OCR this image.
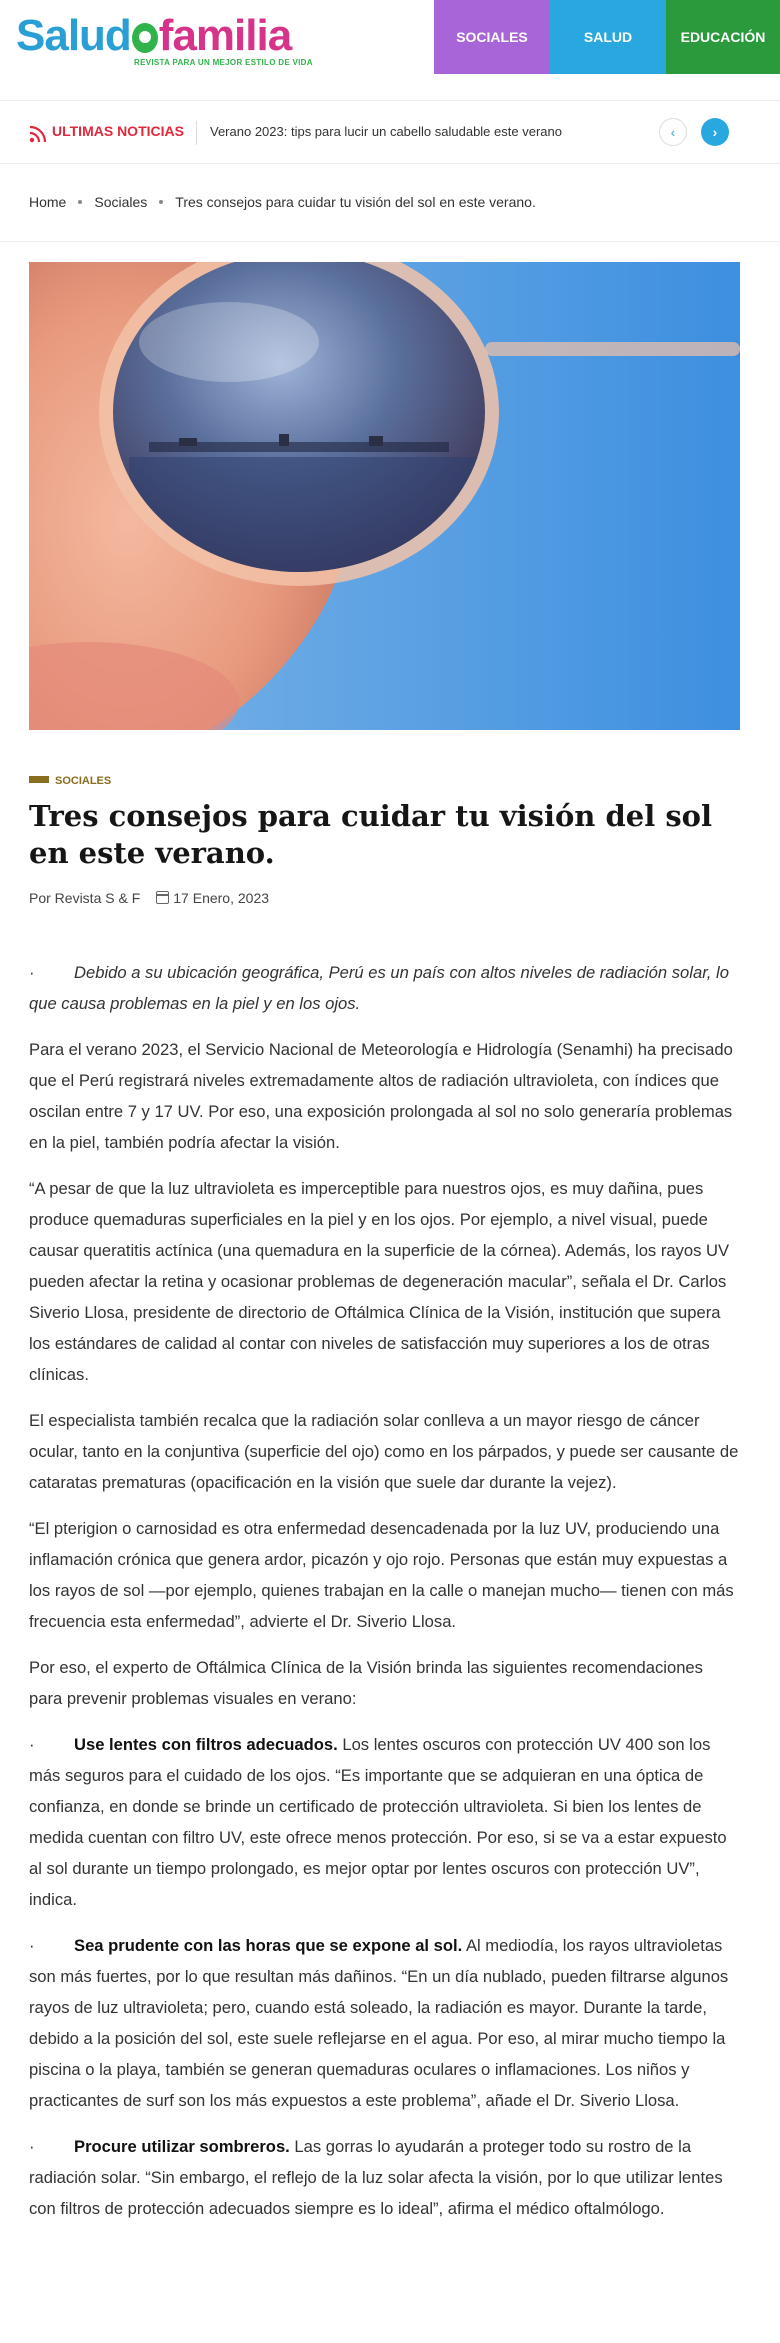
Salud familia
REVISTA PARA UN MEJOR ESTILO DE VIDA
SOCIALES	SALUD	EDUCACIÓN
ULTIMAS NOTICIAS Verano 2023: tips para lucir un cabello saludable este verano	‹	›
Home Sociales Tres consejos para cuidar tu visión del sol en este verano.
SOCIALES
Tres consejos para cuidar tu visión del sol en este verano.
Por Revista S & F 17 Enero, 2023

· Debido a su ubicación geográfica, Perú es un país con altos niveles de radiación solar, lo que causa problemas en la piel y en los ojos.

Para el verano 2023, el Servicio Nacional de Meteorología e Hidrología (Senamhi) ha precisado que el Perú registrará niveles extremadamente altos de radiación ultravioleta, con índices que oscilan entre 7 y 17 UV. Por eso, una exposición prolongada al sol no solo generaría problemas en la piel, también podría afectar la visión.

“A pesar de que la luz ultravioleta es imperceptible para nuestros ojos, es muy dañina, pues produce quemaduras superficiales en la piel y en los ojos. Por ejemplo, a nivel visual, puede causar queratitis actínica (una quemadura en la superficie de la córnea). Además, los rayos UV pueden afectar la retina y ocasionar problemas de degeneración macular”, señala el Dr. Carlos Siverio Llosa, presidente de directorio de Oftálmica Clínica de la Visión, institución que supera los estándares de calidad al contar con niveles de satisfacción muy superiores a los de otras clínicas.

El especialista también recalca que la radiación solar conlleva a un mayor riesgo de cáncer ocular, tanto en la conjuntiva (superficie del ojo) como en los párpados, y puede ser causante de cataratas prematuras (opacificación en la visión que suele dar durante la vejez).

“El pterigion o carnosidad es otra enfermedad desencadenada por la luz UV, produciendo una inflamación crónica que genera ardor, picazón y ojo rojo. Personas que están muy expuestas a los rayos de sol —por ejemplo, quienes trabajan en la calle o manejan mucho— tienen con más frecuencia esta enfermedad”, advierte el Dr. Siverio Llosa.

Por eso, el experto de Oftálmica Clínica de la Visión brinda las siguientes recomendaciones para prevenir problemas visuales en verano:

· Use lentes con filtros adecuados. Los lentes oscuros con protección UV 400 son los más seguros para el cuidado de los ojos. “Es importante que se adquieran en una óptica de confianza, en donde se brinde un certificado de protección ultravioleta. Si bien los lentes de medida cuentan con filtro UV, este ofrece menos protección. Por eso, si se va a estar expuesto al sol durante un tiempo prolongado, es mejor optar por lentes oscuros con protección UV”, indica.

· Sea prudente con las horas que se expone al sol. Al mediodía, los rayos ultravioletas son más fuertes, por lo que resultan más dañinos. “En un día nublado, pueden filtrarse algunos rayos de luz ultravioleta; pero, cuando está soleado, la radiación es mayor. Durante la tarde, debido a la posición del sol, este suele reflejarse en el agua. Por eso, al mirar mucho tiempo la piscina o la playa, también se generan quemaduras oculares o inflamaciones. Los niños y practicantes de surf son los más expuestos a este problema”, añade el Dr. Siverio Llosa.

· Procure utilizar sombreros. Las gorras lo ayudarán a proteger todo su rostro de la radiación solar. “Sin embargo, el reflejo de la luz solar afecta la visión, por lo que utilizar lentes con filtros de protección adecuados siempre es lo ideal”, afirma el médico oftalmólogo.
